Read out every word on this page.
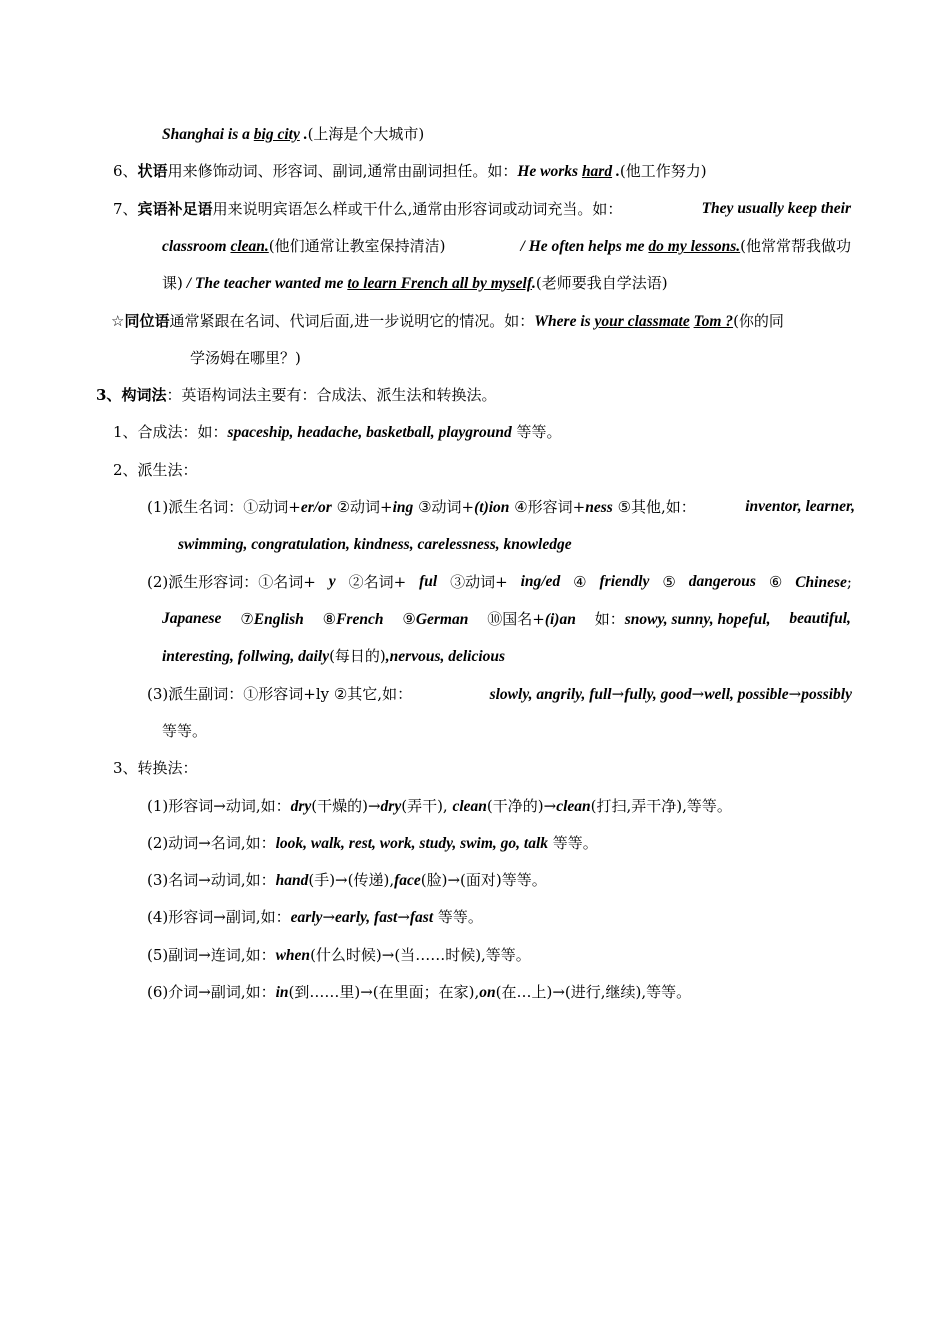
Shanghai is a big city .(上海是个大城市)
6、状语用来修饰动词、形容词、副词,通常由副词担任。如：He works hard .(他工作努力)
7、宾语补足语用来说明宾语怎么样或干什么,通常由形容词或动词充当。如：	They usually keep their
classroom clean.(他们通常让教室保持清洁)	/ He often helps me do my lessons.(他常常帮我做功
课) / The teacher wanted me to learn French all by myself.(老师要我自学法语)
☆同位语通常紧跟在名词、代词后面,进一步说明它的情况。如：Where is your classmate Tom ?(你的同
学汤姆在哪里？)
3、构词法：英语构词法主要有：合成法、派生法和转换法。
1、合成法：如：spaceship, headache, basketball, playground 等等。
2、派生法：
(1)派生名词：①动词+er/or ②动词+ing ③动词+(t)ion ④形容词+ness ⑤其他,如：	inventor, learner,
swimming, congratulation, kindness, carelessness, knowledge
(2)派生形容词：①名词+ y ②名词+ ful ③动词+ ing/ed ④ friendly ⑤ dangerous ⑥ Chinese;
Japanese ⑦English ⑧French ⑨German ⑩国名+(i)an 如：snowy, sunny, hopeful, beautiful,
interesting, follwing, daily(每日的),nervous, delicious
(3)派生副词：①形容词+ly ②其它,如：	slowly, angrily, full→fully, good→well, possible→possibly
等等。
3、转换法：
(1)形容词→动词,如：dry(干燥的)→dry(弄干), clean(干净的)→clean(打扫,弄干净),等等。
(2)动词→名词,如：look, walk, rest, work, study, swim, go, talk 等等。
(3)名词→动词,如：hand(手)→(传递),face(脸)→(面对)等等。
(4)形容词→副词,如：early→early, fast→fast 等等。
(5)副词→连词,如：when(什么时候)→(当……时候),等等。
(6)介词→副词,如：in(到……里)→(在里面；在家),on(在…上)→(进行,继续),等等。
